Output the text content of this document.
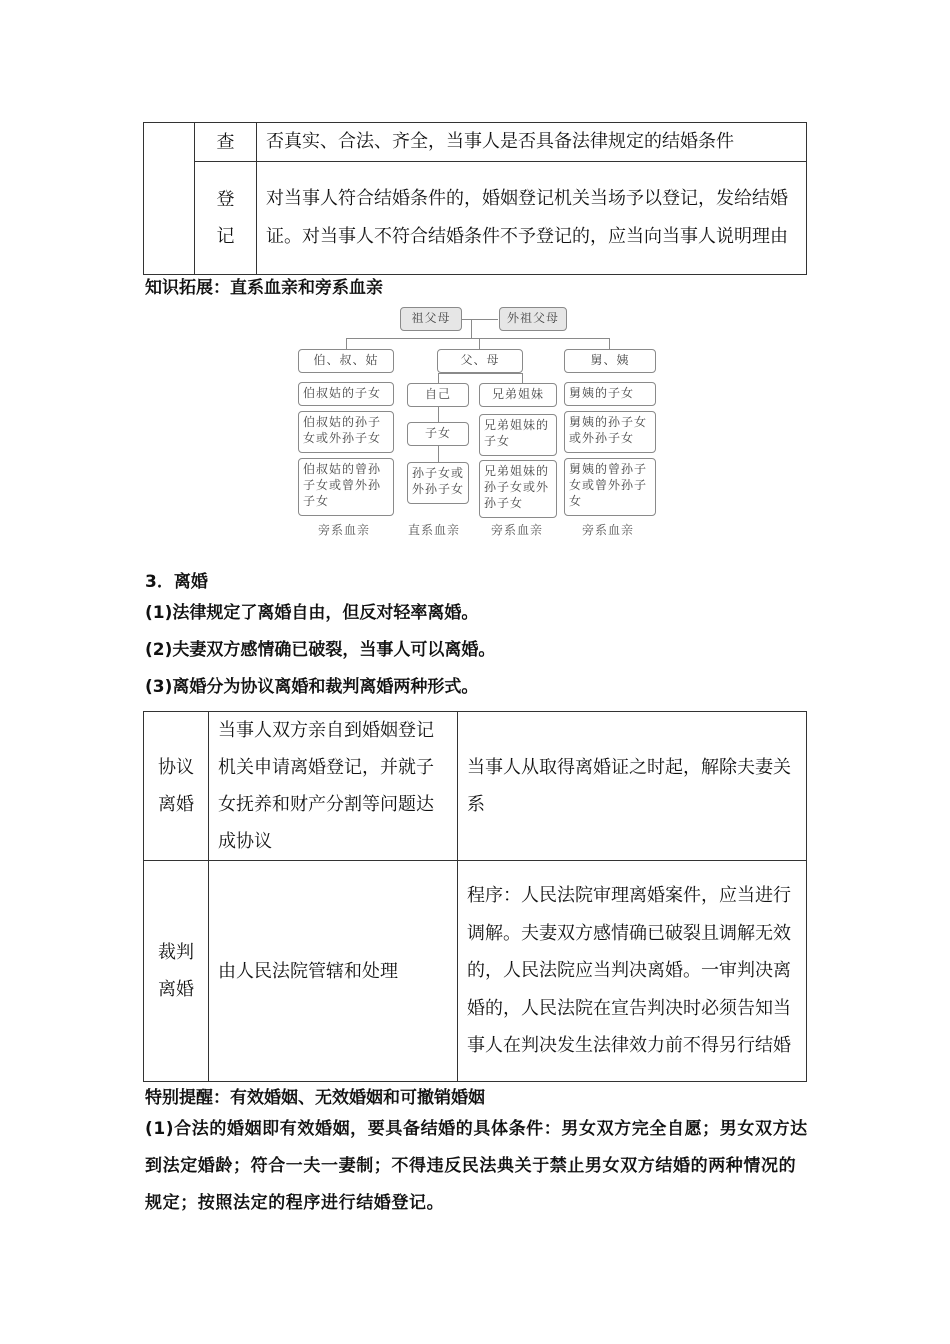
	查	否真实、合法、齐全，当事人是否具备法律规定的结婚条件

	登
记	对当事人符合结婚条件的，婚姻登记机关当场予以登记，发给结婚证。对当事人不符合结婚条件不予登记的，应当向当事人说明理由
知识拓展：直系血亲和旁系血亲
祖父母	外祖父母
伯、叔、姑
伯叔姑的子女
伯叔姑的孙子女或外孙子女
伯叔姑的曾孙子女或曾外孙子女
父、母
自己
子女
孙子女或外孙子女
兄弟姐妹
兄弟姐妹的子女
兄弟姐妹的孙子女或外孙子女
舅、姨
舅姨的子女
舅姨的孙子女或外孙子女
舅姨的曾孙子女或曾外孙子女
旁系血亲	直系血亲	旁系血亲	旁系血亲
3．离婚
(1)法律规定了离婚自由，但反对轻率离婚。
(2)夫妻双方感情确已破裂，当事人可以离婚。
(3)离婚分为协议离婚和裁判离婚两种形式。
协议
离婚	当事人双方亲自到婚姻登记机关申请离婚登记，并就子女抚养和财产分割等问题达成协议	当事人从取得离婚证之时起，解除夫妻关系

裁判
离婚	由人民法院管辖和处理	程序：人民法院审理离婚案件，应当进行调解。夫妻双方感情确已破裂且调解无效的，人民法院应当判决离婚。一审判决离婚的，人民法院在宣告判决时必须告知当事人在判决发生法律效力前不得另行结婚
特别提醒：有效婚姻、无效婚姻和可撤销婚姻
(1)合法的婚姻即有效婚姻，要具备结婚的具体条件：男女双方完全自愿；男女双方达到法定婚龄；符合一夫一妻制；不得违反民法典关于禁止男女双方结婚的两种情况的规定；按照法定的程序进行结婚登记。
